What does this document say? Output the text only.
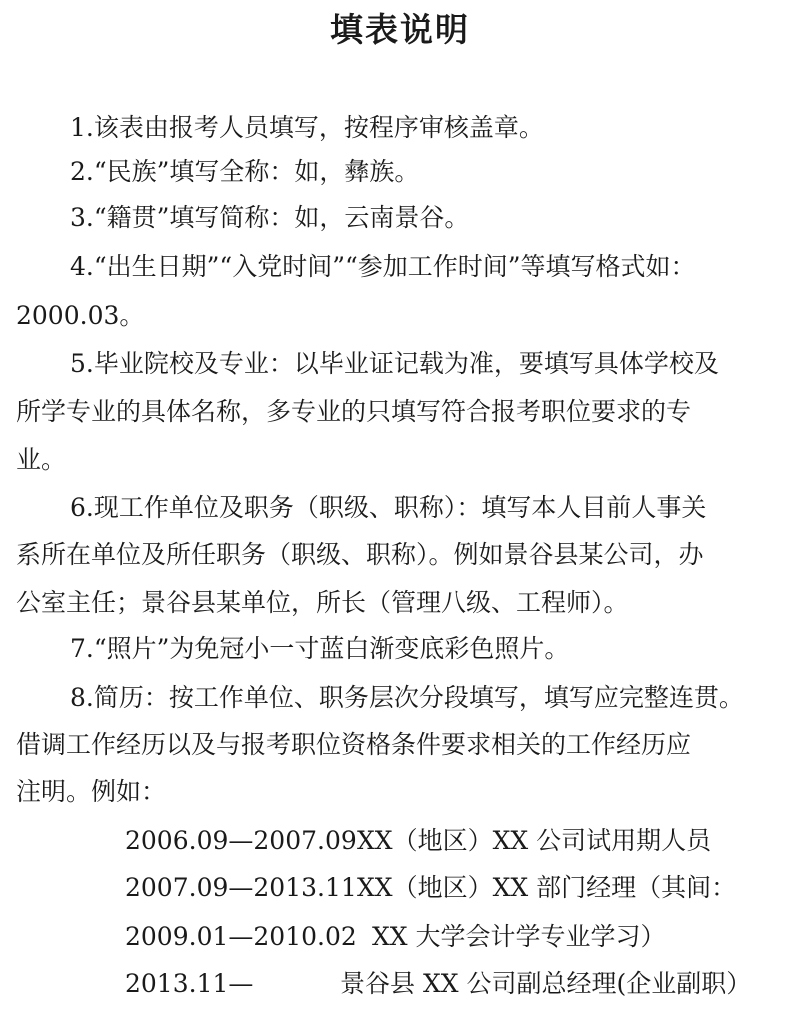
填表说明
1.该表由报考人员填写，按程序审核盖章。
2.“民族”填写全称：如，彝族。
3.“籍贯”填写简称：如，云南景谷。
4.“出生日期”“入党时间”“参加工作时间”等填写格式如：
2000.03。
5.毕业院校及专业：以毕业证记载为准，要填写具体学校及
所学专业的具体名称，多专业的只填写符合报考职位要求的专
业。
6.现工作单位及职务（职级、职称）：填写本人目前人事关
系所在单位及所任职务（职级、职称）。例如景谷县某公司，办
公室主任；景谷县某单位，所长（管理八级、工程师）。
7.“照片”为免冠小一寸蓝白渐变底彩色照片。
8.简历：按工作单位、职务层次分段填写，填写应完整连贯。
借调工作经历以及与报考职位资格条件要求相关的工作经历应
注明。例如：
2006.09—2007.09 XX（地区）XX 公司试用期人员
2007.09—2013.11 XX（地区）XX 部门经理（其间：
2009.01—2010.02 XX 大学会计学专业学习）
2013.11—	景谷县 XX 公司副总经理(企业副职）
